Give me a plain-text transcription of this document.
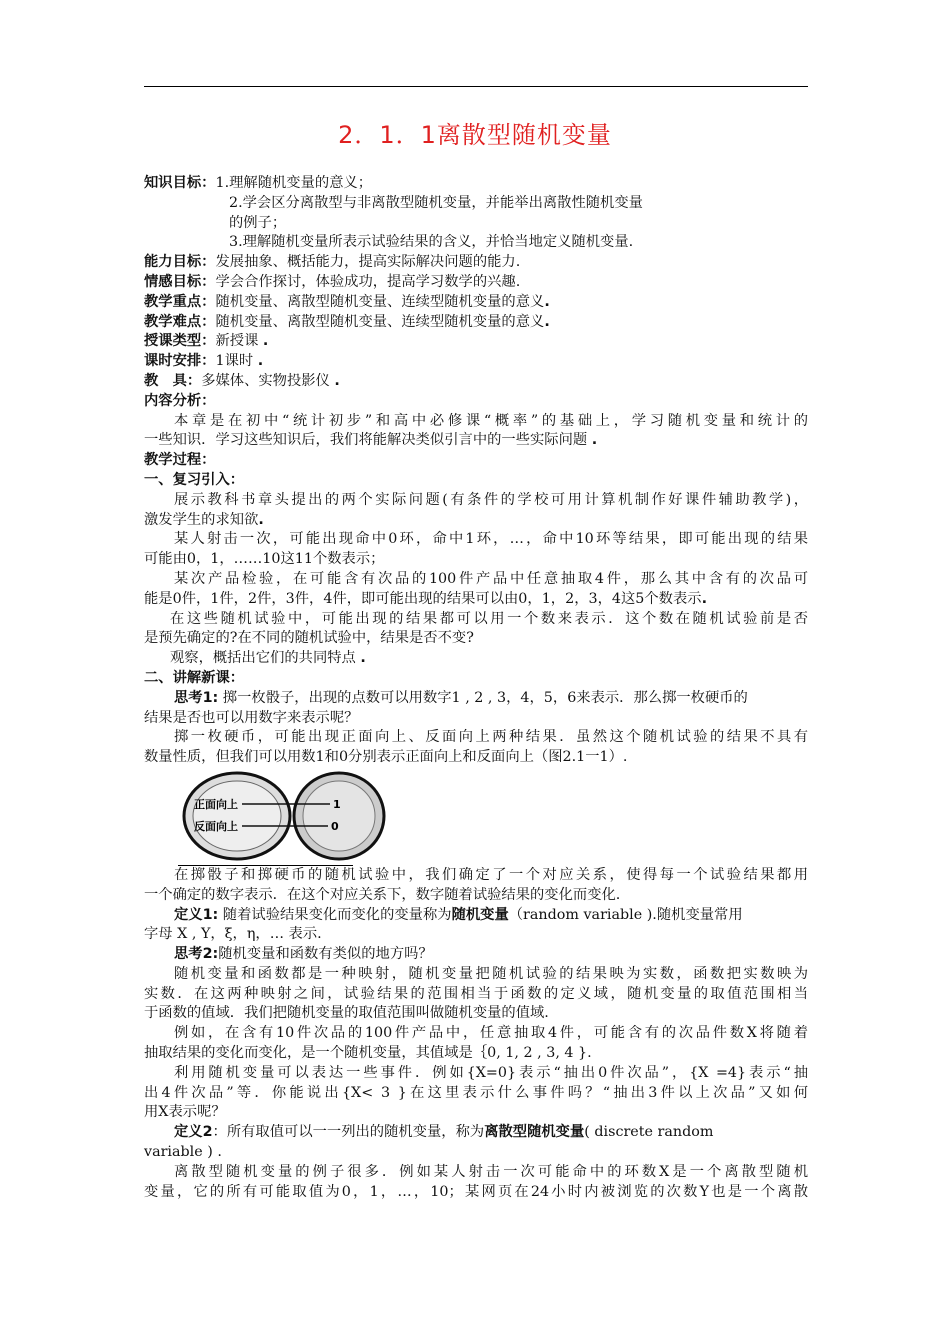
2．1．1离散型随机变量
知识目标：1.理解随机变量的意义；
2.学会区分离散型与非离散型随机变量，并能举出离散性随机变量
的例子；
3.理解随机变量所表示试验结果的含义，并恰当地定义随机变量.
能力目标：发展抽象、概括能力，提高实际解决问题的能力.
情感目标：学会合作探讨，体验成功，提高学习数学的兴趣.
教学重点：随机变量、离散型随机变量、连续型随机变量的意义.
教学难点：随机变量、离散型随机变量、连续型随机变量的意义.
授课类型：新授课 .
课时安排：1课时 .
教　具：多媒体、实物投影仪 .
内容分析：
本章是在初中“统计初步”和高中必修课“概率”的基础上，学习随机变量和统计的
一些知识．学习这些知识后，我们将能解决类似引言中的一些实际问题 .
教学过程：
一、复习引入：
展示教科书章头提出的两个实际问题(有条件的学校可用计算机制作好课件辅助教学)，
激发学生的求知欲.
某人射击一次，可能出现命中0环，命中1环，…，命中10环等结果，即可能出现的结果
可能由0，1，……10这11个数表示；
某次产品检验，在可能含有次品的100件产品中任意抽取4件，那么其中含有的次品可
能是0件，1件，2件，3件，4件，即可能出现的结果可以由0，1，2，3，4这5个数表示.
在这些随机试验中，可能出现的结果都可以用一个数来表示．这个数在随机试验前是否
是预先确定的?在不同的随机试验中，结果是否不变?
观察，概括出它们的共同特点 .
二、讲解新课：
思考1: 掷一枚骰子，出现的点数可以用数字1 , 2 , 3，4，5，6来表示．那么掷一枚硬币的
结果是否也可以用数字来表示呢？
掷一枚硬币，可能出现正面向上、反面向上两种结果．虽然这个随机试验的结果不具有
数量性质，但我们可以用数1和0分别表示正面向上和反面向上（图2.1一1）.
正面向上
反面向上
1
0
在掷骰子和掷硬币的随机试验中，我们确定了一个对应关系，使得每一个试验结果都用
一个确定的数字表示．在这个对应关系下，数字随着试验结果的变化而变化.
定义1: 随着试验结果变化而变化的变量称为随机变量（random variable ).随机变量常用
字母 X , Y，ξ，η，… 表示.
思考2:随机变量和函数有类似的地方吗？
随机变量和函数都是一种映射，随机变量把随机试验的结果映为实数，函数把实数映为
实数．在这两种映射之间，试验结果的范围相当于函数的定义域，随机变量的取值范围相当
于函数的值域．我们把随机变量的取值范围叫做随机变量的值域.
例如，在含有10件次品的100件产品中，任意抽取4件，可能含有的次品件数X将随着
抽取结果的变化而变化，是一个随机变量，其值域是｛0, 1, 2 , 3, 4 }.
利用随机变量可以表达一些事件．例如{X=0}表示“抽出0件次品”，{X =4}表示“抽
出4件次品”等．你能说出{X< 3 }在这里表示什么事件吗？“抽出3件以上次品”又如何
用X表示呢？
定义2：所有取值可以一一列出的随机变量，称为离散型随机变量( discrete random
variable ) .
离散型随机变量的例子很多．例如某人射击一次可能命中的环数X是一个离散型随机
变量，它的所有可能取值为0，1，…，10；某网页在24小时内被浏览的次数Y也是一个离散
